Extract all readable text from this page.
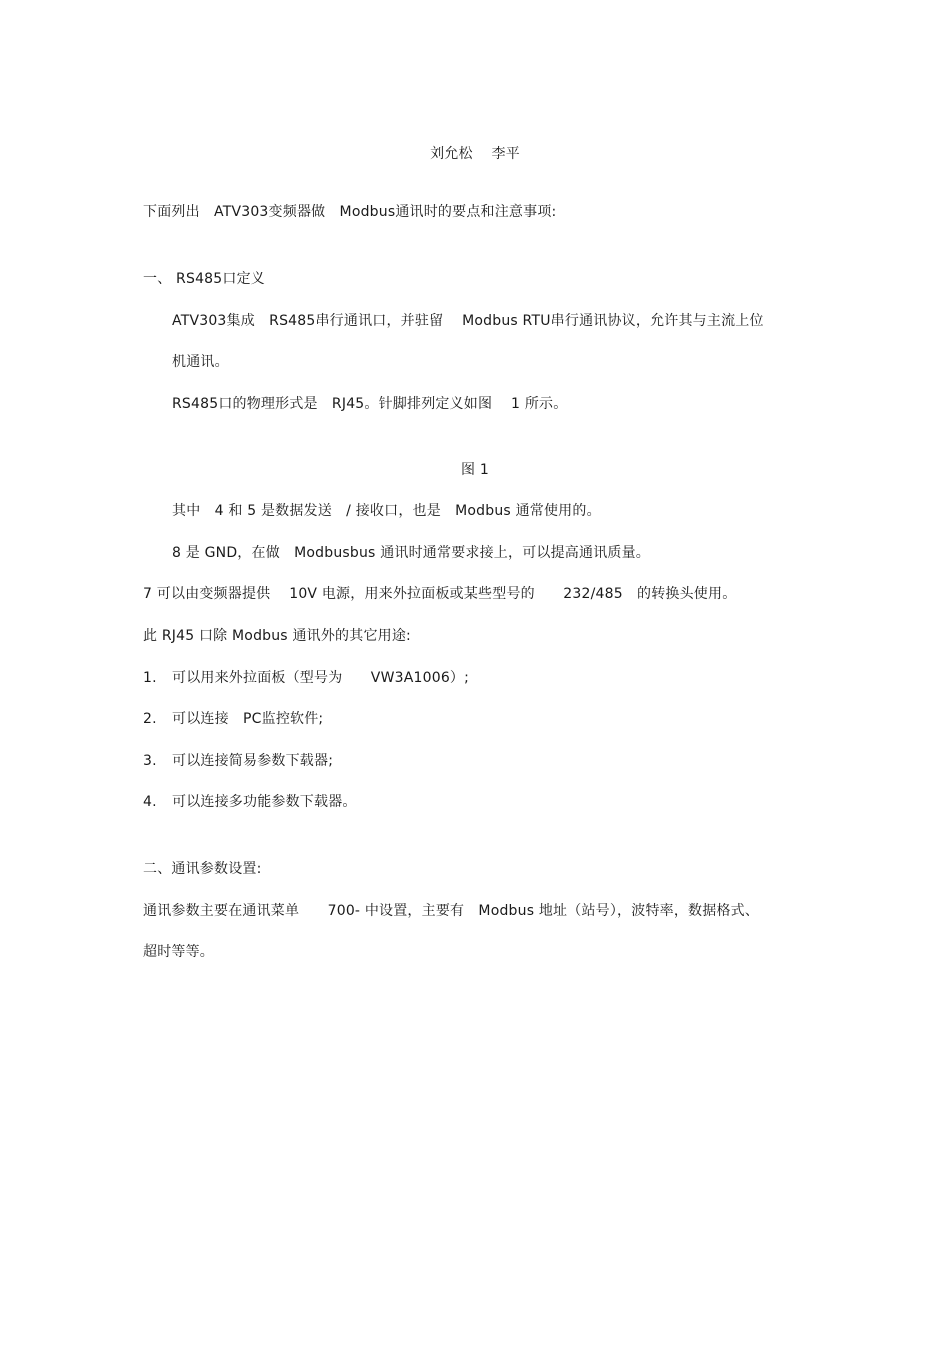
刘允松　 李平
下面列出　ATV303变频器做　Modbus通讯时的要点和注意事项:
一、 RS485口定义
ATV303集成　RS485串行通讯口，并驻留　 Modbus RTU串行通讯协议，允许其与主流上位
机通讯。
RS485口的物理形式是　RJ45。针脚排列定义如图　 1 所示。
图 1
其中　4 和 5 是数据发送　/ 接收口，也是　Modbus 通常使用的。
8 是 GND，在做　Modbusbus 通讯时通常要求接上，可以提高通讯质量。
7 可以由变频器提供　 10V 电源，用来外拉面板或某些型号的　　232/485　的转换头使用。
此 RJ45 口除 Modbus 通讯外的其它用途:
1. 可以用来外拉面板（型号为　　VW3A1006）;
2. 可以连接　PC监控软件;
3. 可以连接简易参数下载器;
4. 可以连接多功能参数下载器。
二、通讯参数设置:
通讯参数主要在通讯菜单　　700- 中设置，主要有　Modbus 地址（站号），波特率，数据格式、
超时等等。
